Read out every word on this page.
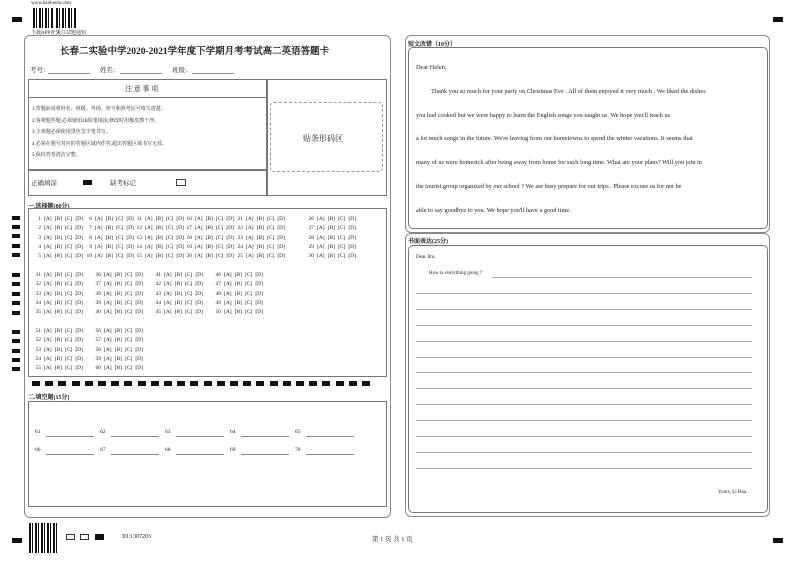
www.baiduedu.com
下载APP查分
关注试题通知
长春二实验中学2020-2021学年度下学期月考考试高二英语答题卡
考号：	姓名：	班级：
注 意 事 项
1.答题前请将姓名、班级、考场、座号和准考证号填写清楚。
2.客观题答题,必须使用2B铅笔填涂,修改时用橡皮擦干净。
3.主观题必须使用黑色签字笔书写。
4.必须在题号对应的答题区域内作答,超出答题区域书写无效。
5.保持答卷清洁完整。
贴条形码区
正确填涂	缺考标记
一.选择题(80分)
1 [A] [B] [C] [D]
2 [A] [B] [C] [D]
3 [A] [B] [C] [D]
4 [A] [B] [C] [D]
5 [A] [B] [C] [D]
6 [A] [B] [C] [D]
7 [A] [B] [C] [D]
8 [A] [B] [C] [D]
9 [A] [B] [C] [D]
10 [A] [B] [C] [D]
11 [A] [B] [C] [D]
12 [A] [B] [C] [D]
13 [A] [B] [C] [D]
14 [A] [B] [C] [D]
15 [A] [B] [C] [D]
16 [A] [B] [C] [D]
17 [A] [B] [C] [D]
18 [A] [B] [C] [D]
19 [A] [B] [C] [D]
20 [A] [B] [C] [D]
21 [A] [B] [C] [D]
22 [A] [B] [C] [D]
23 [A] [B] [C] [D]
24 [A] [B] [C] [D]
25 [A] [B] [C] [D]
26 [A] [B] [C] [D]
27 [A] [B] [C] [D]
28 [A] [B] [C] [D]
29 [A] [B] [C] [D]
30 [A] [B] [C] [D]
31 [A] [B] [C] [D]
32 [A] [B] [C] [D]
33 [A] [B] [C] [D]
34 [A] [B] [C] [D]
35 [A] [B] [C] [D]
36 [A] [B] [C] [D]
37 [A] [B] [C] [D]
38 [A] [B] [C] [D]
39 [A] [B] [C] [D]
40 [A] [B] [C] [D]
41 [A] [B] [C] [D]
42 [A] [B] [C] [D]
43 [A] [B] [C] [D]
44 [A] [B] [C] [D]
45 [A] [B] [C] [D]
46 [A] [B] [C] [D]
47 [A] [B] [C] [D]
48 [A] [B] [C] [D]
49 [A] [B] [C] [D]
50 [A] [B] [C] [D]
51 [A] [B] [C] [D]
52 [A] [B] [C] [D]
53 [A] [B] [C] [D]
54 [A] [B] [C] [D]
55 [A] [B] [C] [D]
56 [A] [B] [C] [D]
57 [A] [B] [C] [D]
58 [A] [B] [C] [D]
59 [A] [B] [C] [D]
60 [A] [B] [C] [D]
二.填空题(15分)
61	62	63	64	65
66	67	68	69	70
短文改错（10分）
Dear Helen,
Thank you so much for your party on Christmas Eve . All of them enjoyed it very much . We liked the dishes
you had cooked but we were happy to learn the English songs you taught us. We hope you'll teach us
a lot much songs in the future. We're leaving from our hometowns to spend the winter vacations. It seems that
many of us were homesick after being away from home for such long time. What are your plans? Will you join in
the tourist group organized by our school ? We are busy prepare for our trips . Please excuse us for not be
able to say goodbye to you. We hope you'll have a good time.
书面表达(25分)
Dear Jim,
How is everything going ?
Yours, Li Hua
ID:1307203	第 1 页 共 1 页
